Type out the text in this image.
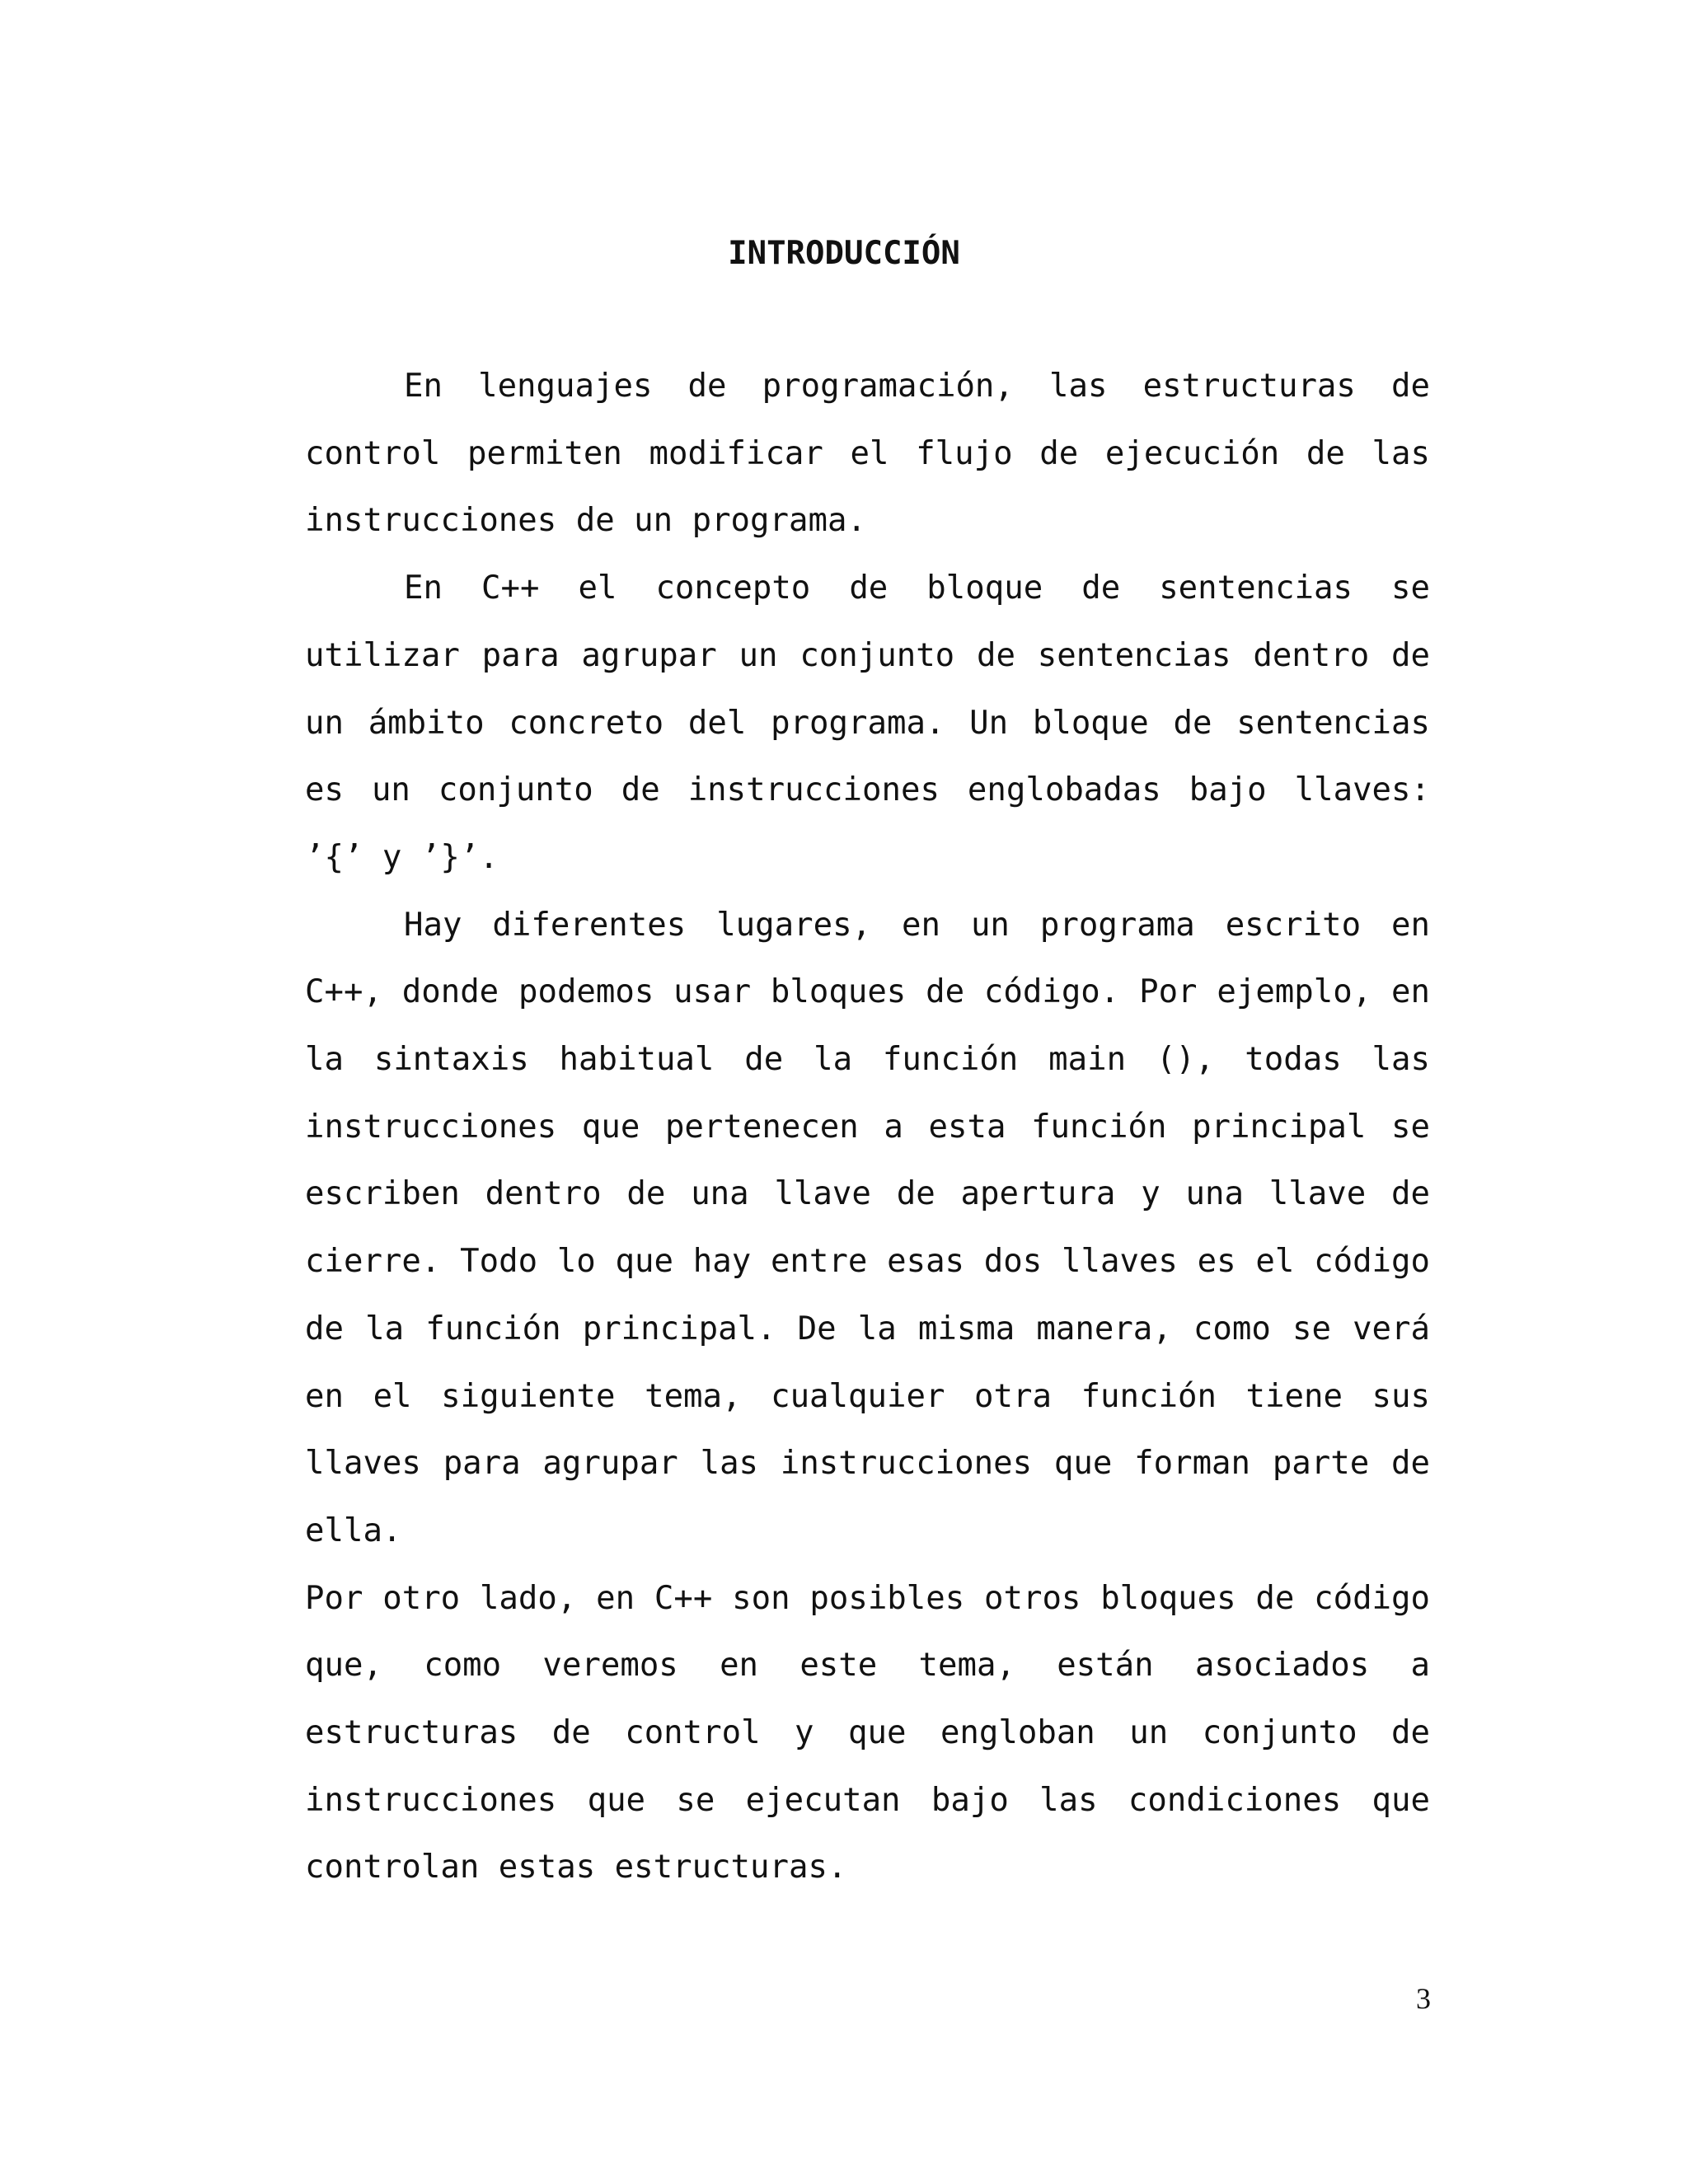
INTRODUCCIÓN

En lenguajes de programación, las estructuras de control permiten modificar el flujo de ejecución de las instrucciones de un programa.

En C++ el concepto de bloque de sentencias se utilizar para agrupar un conjunto de sentencias dentro de un ámbito concreto del programa. Un bloque de sentencias es un conjunto de instrucciones englobadas bajo llaves: ’{’ y ’}’.

Hay diferentes lugares, en un programa escrito en C++, donde podemos usar bloques de código. Por ejemplo, en la sintaxis habitual de la función main (), todas las instrucciones que pertenecen a esta función principal se escriben dentro de una llave de apertura y una llave de cierre. Todo lo que hay entre esas dos llaves es el código de la función principal. De la misma manera, como se verá en el siguiente tema, cualquier otra función tiene sus llaves para agrupar las instrucciones que forman parte de ella.

Por otro lado, en C++ son posibles otros bloques de código que, como veremos en este tema, están asociados a estructuras de control y que engloban un conjunto de instrucciones que se ejecutan bajo las condiciones que controlan estas estructuras.

3
